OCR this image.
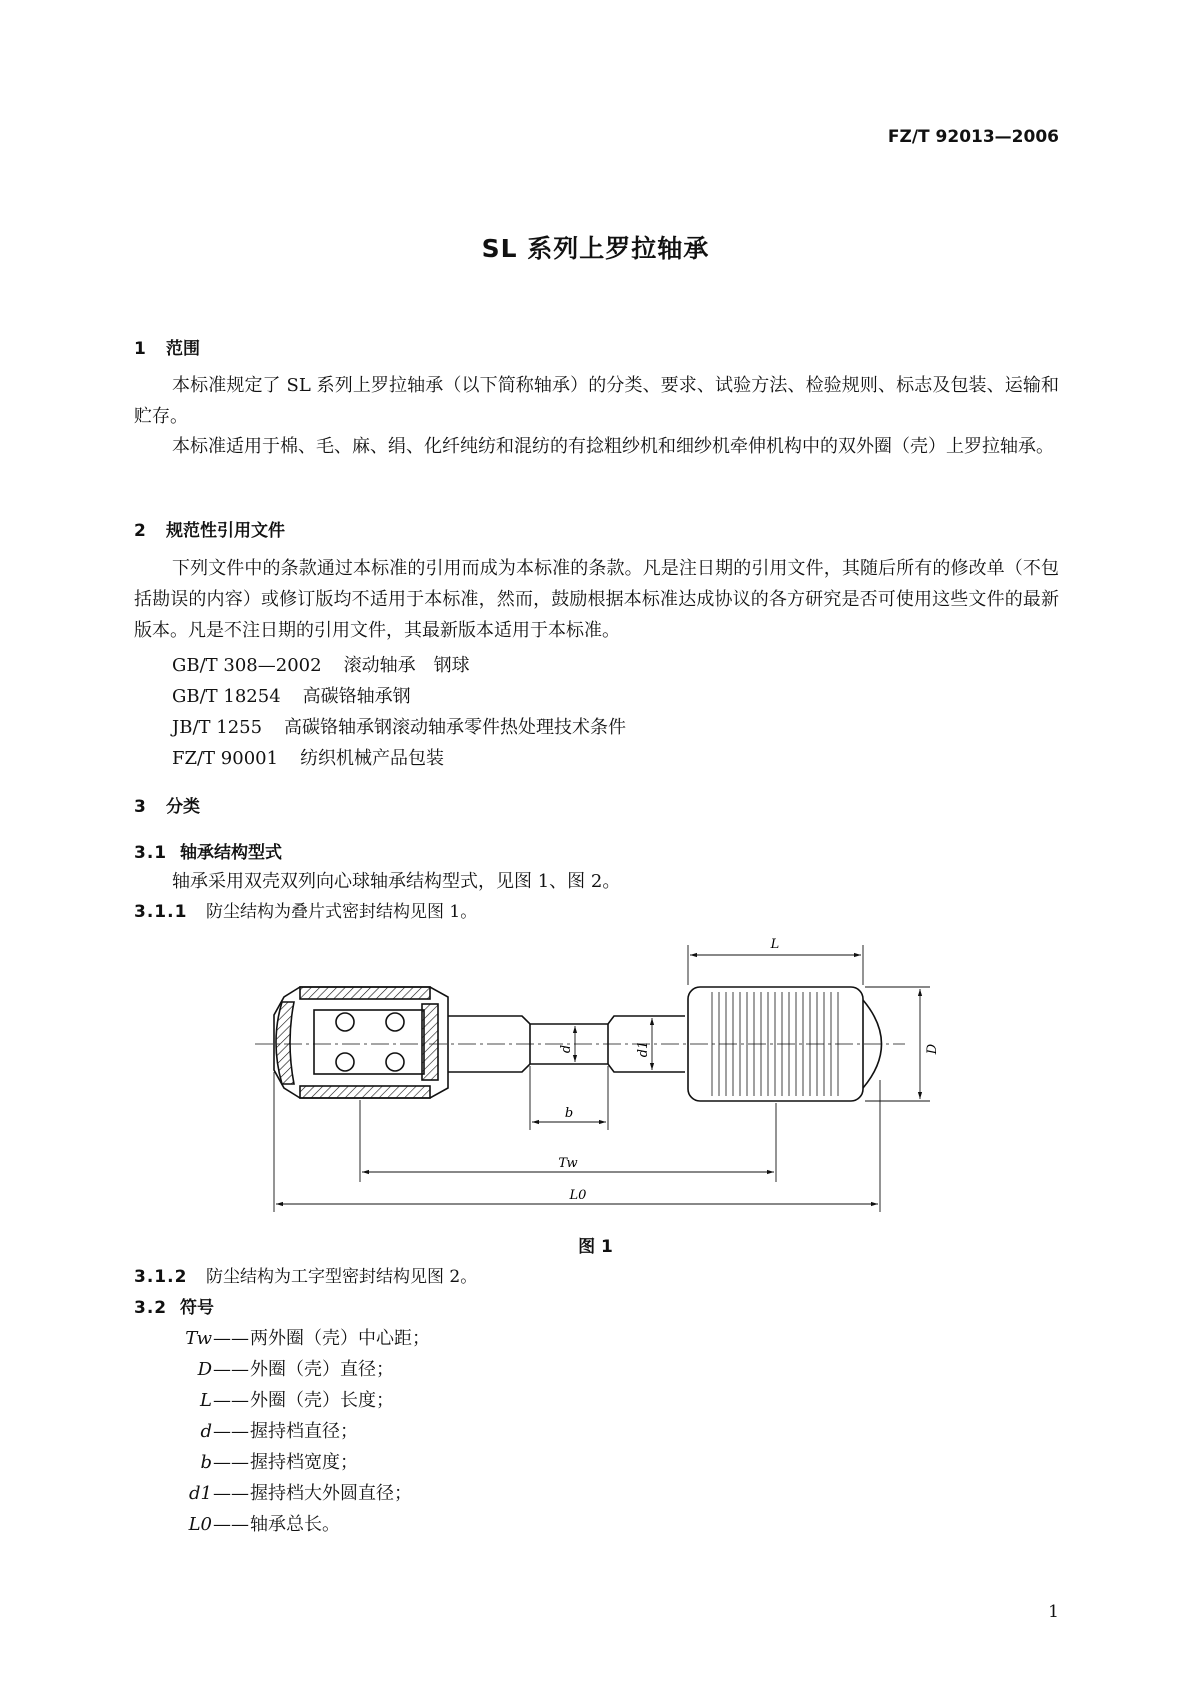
FZ/T 92013—2006
SL 系列上罗拉轴承
1 范围
本标准规定了 SL 系列上罗拉轴承（以下简称轴承）的分类、要求、试验方法、检验规则、标志及包装、运输和贮存。
本标准适用于棉、毛、麻、绢、化纤纯纺和混纺的有捻粗纱机和细纱机牵伸机构中的双外圈（壳）上罗拉轴承。
2 规范性引用文件
下列文件中的条款通过本标准的引用而成为本标准的条款。凡是注日期的引用文件，其随后所有的修改单（不包括勘误的内容）或修订版均不适用于本标准，然而，鼓励根据本标准达成协议的各方研究是否可使用这些文件的最新版本。凡是不注日期的引用文件，其最新版本适用于本标准。
GB/T 308—2002 滚动轴承　钢球
GB/T 18254 高碳铬轴承钢
JB/T 1255 高碳铬轴承钢滚动轴承零件热处理技术条件
FZ/T 90001 纺织机械产品包装
3 分类
3.1 轴承结构型式
轴承采用双壳双列向心球轴承结构型式，见图 1、图 2。
3.1.1 防尘结构为叠片式密封结构见图 1。
L
D
d	d1
b
Tw
L0
图 1
3.1.2 防尘结构为工字型密封结构见图 2。
3.2 符号
Tw——两外圈（壳）中心距；
D——外圈（壳）直径；
L——外圈（壳）长度；
d——握持档直径；
b——握持档宽度；
d1——握持档大外圆直径；
L0——轴承总长。
1
